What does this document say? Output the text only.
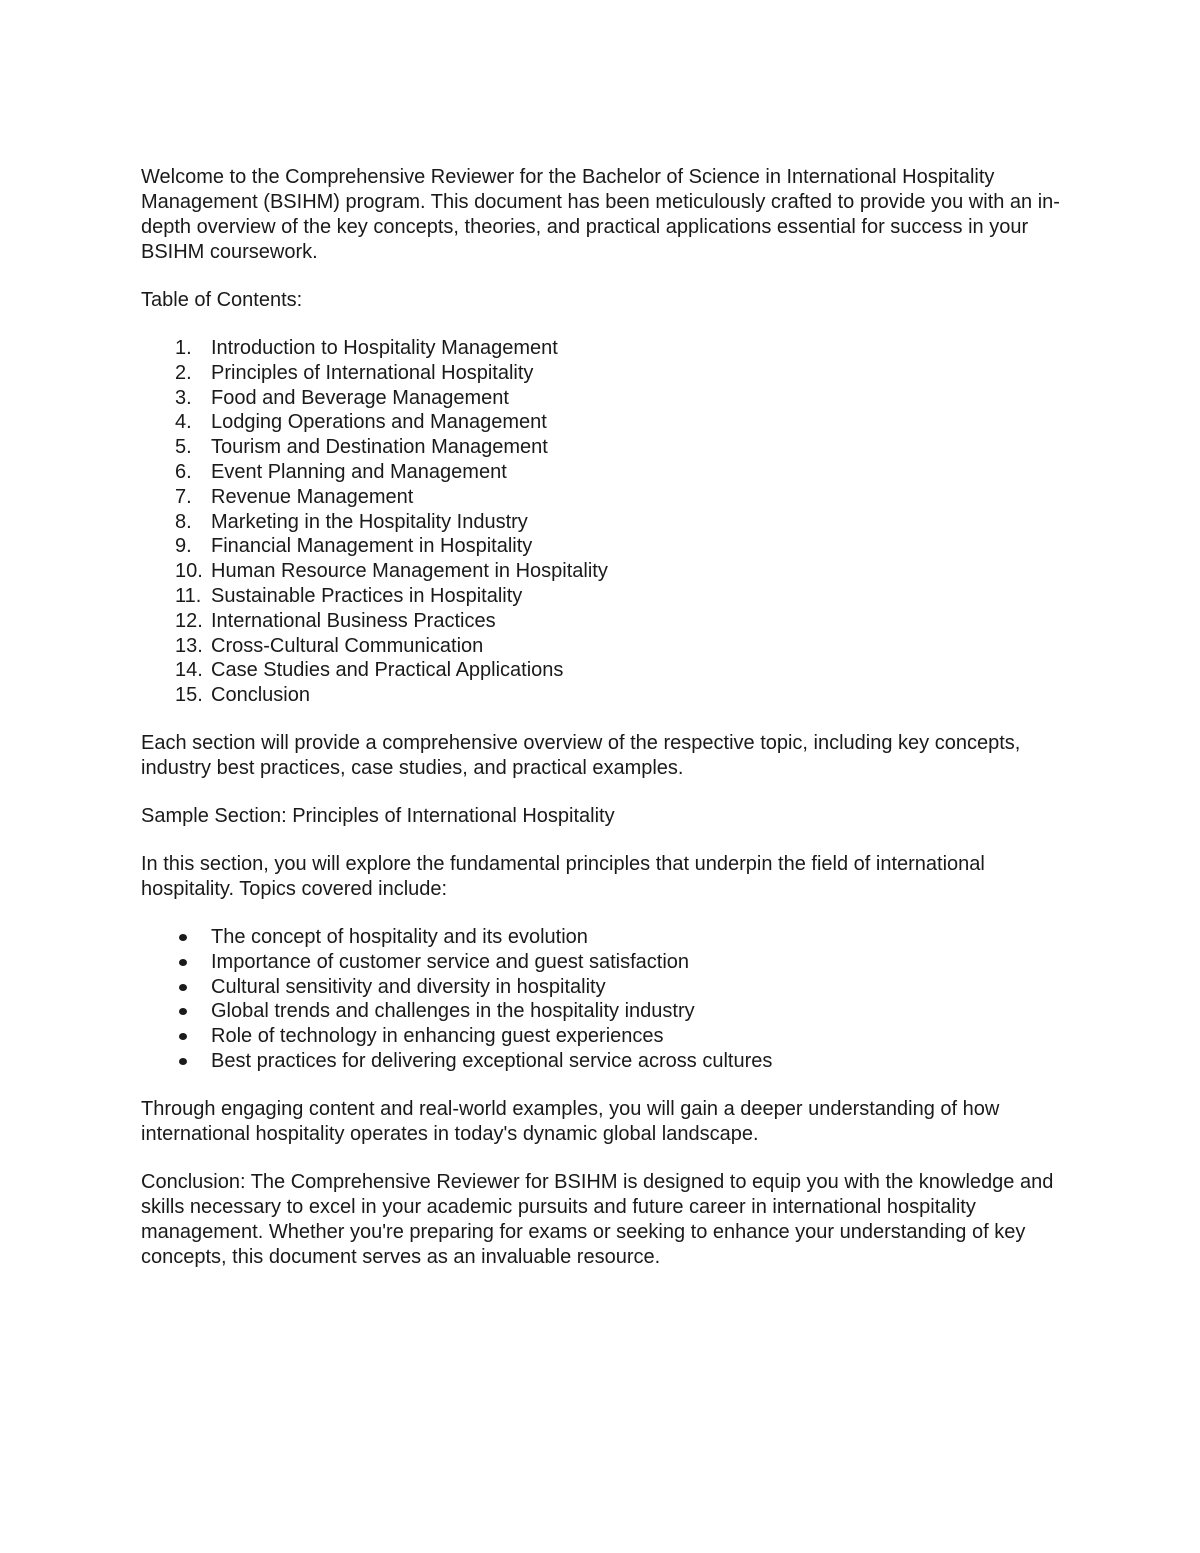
Welcome to the Comprehensive Reviewer for the Bachelor of Science in International Hospitality Management (BSIHM) program. This document has been meticulously crafted to provide you with an in-depth overview of the key concepts, theories, and practical applications essential for success in your BSIHM coursework.

Table of Contents:

1. Introduction to Hospitality Management
2. Principles of International Hospitality
3. Food and Beverage Management
4. Lodging Operations and Management
5. Tourism and Destination Management
6. Event Planning and Management
7. Revenue Management
8. Marketing in the Hospitality Industry
9. Financial Management in Hospitality
10. Human Resource Management in Hospitality
11. Sustainable Practices in Hospitality
12. International Business Practices
13. Cross-Cultural Communication
14. Case Studies and Practical Applications
15. Conclusion

Each section will provide a comprehensive overview of the respective topic, including key concepts, industry best practices, case studies, and practical examples.

Sample Section: Principles of International Hospitality

In this section, you will explore the fundamental principles that underpin the field of international hospitality. Topics covered include:

The concept of hospitality and its evolution
Importance of customer service and guest satisfaction
Cultural sensitivity and diversity in hospitality
Global trends and challenges in the hospitality industry
Role of technology in enhancing guest experiences
Best practices for delivering exceptional service across cultures

Through engaging content and real-world examples, you will gain a deeper understanding of how international hospitality operates in today's dynamic global landscape.

Conclusion: The Comprehensive Reviewer for BSIHM is designed to equip you with the knowledge and skills necessary to excel in your academic pursuits and future career in international hospitality management. Whether you're preparing for exams or seeking to enhance your understanding of key concepts, this document serves as an invaluable resource.
